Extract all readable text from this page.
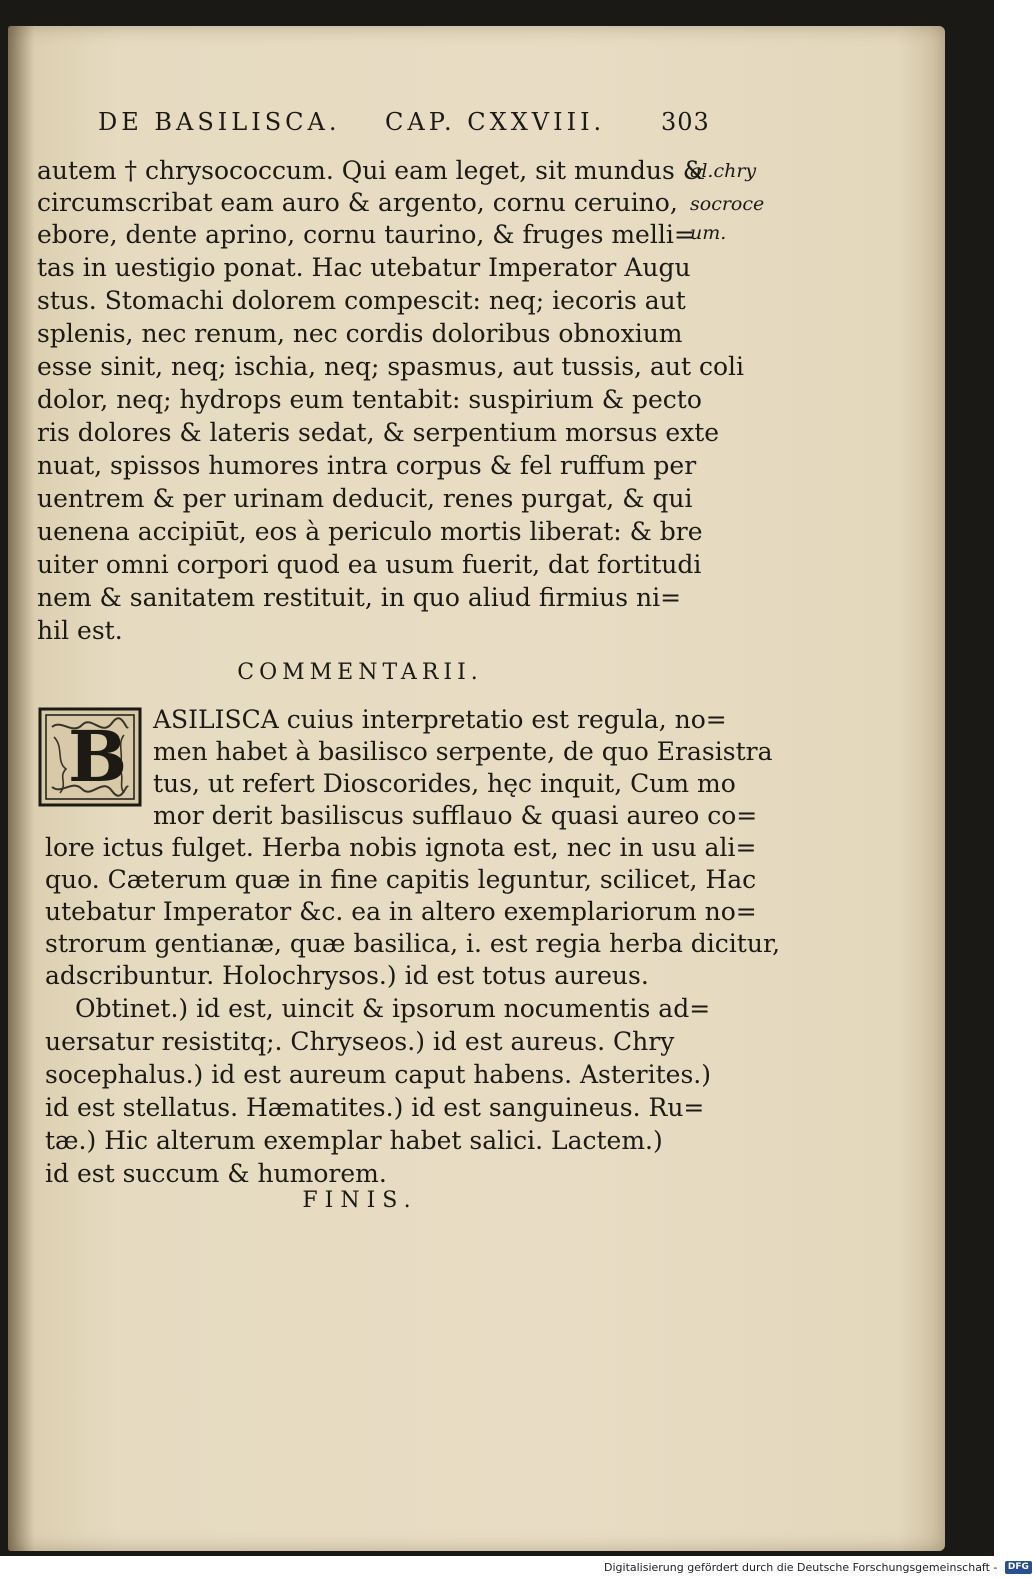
DE BASILISCA. CAP. CXXVIII. 303
autem † chrysococcum. Qui eam leget, sit mundus &
circumscribat eam auro & argento, cornu ceruino,
ebore, dente aprino, cornu taurino, & fruges melli=
tas in uestigio ponat. Hac utebatur Imperator Augu
stus. Stomachi dolorem compescit: neq; iecoris aut
splenis, nec renum, nec cordis doloribus obnoxium
esse sinit, neq; ischia, neq; spasmus, aut tussis, aut coli
dolor, neq; hydrops eum tentabit: suspirium & pecto
ris dolores & lateris sedat, & serpentium morsus exte
nuat, spissos humores intra corpus & fel ruffum per
uentrem & per urinam deducit, renes purgat, & qui
uenena accipiūt, eos à periculo mortis liberat: & bre
uiter omni corpori quod ea usum fuerit, dat fortitudi
nem & sanitatem restituit, in quo aliud firmius ni=
hil est.
al.chry
socroce
um.
COMMENTARII.
B ASILISCA cuius interpretatio est regula, no=
men habet à basilisco serpente, de quo Erasistra
tus, ut refert Dioscorides, hęc inquit, Cum mo
mor derit basiliscus sufflauo & quasi aureo co=
lore ictus fulget. Herba nobis ignota est, nec in usu ali=
quo. Cæterum quæ in fine capitis leguntur, scilicet, Hac
utebatur Imperator &c. ea in altero exemplariorum no=
strorum gentianæ, quæ basilica, i. est regia herba dicitur,
adscribuntur. Holochrysos.) id est totus aureus.
Obtinet.) id est, uincit & ipsorum nocumentis ad=
uersatur resistitq;. Chryseos.) id est aureus. Chry
socephalus.) id est aureum caput habens. Asterites.)
id est stellatus. Hæmatites.) id est sanguineus. Ru=
tæ.) Hic alterum exemplar habet salici. Lactem.)
id est succum & humorem.
FINIS.
Digitalisierung gefördert durch die Deutsche Forschungsgemeinschaft - DFG
